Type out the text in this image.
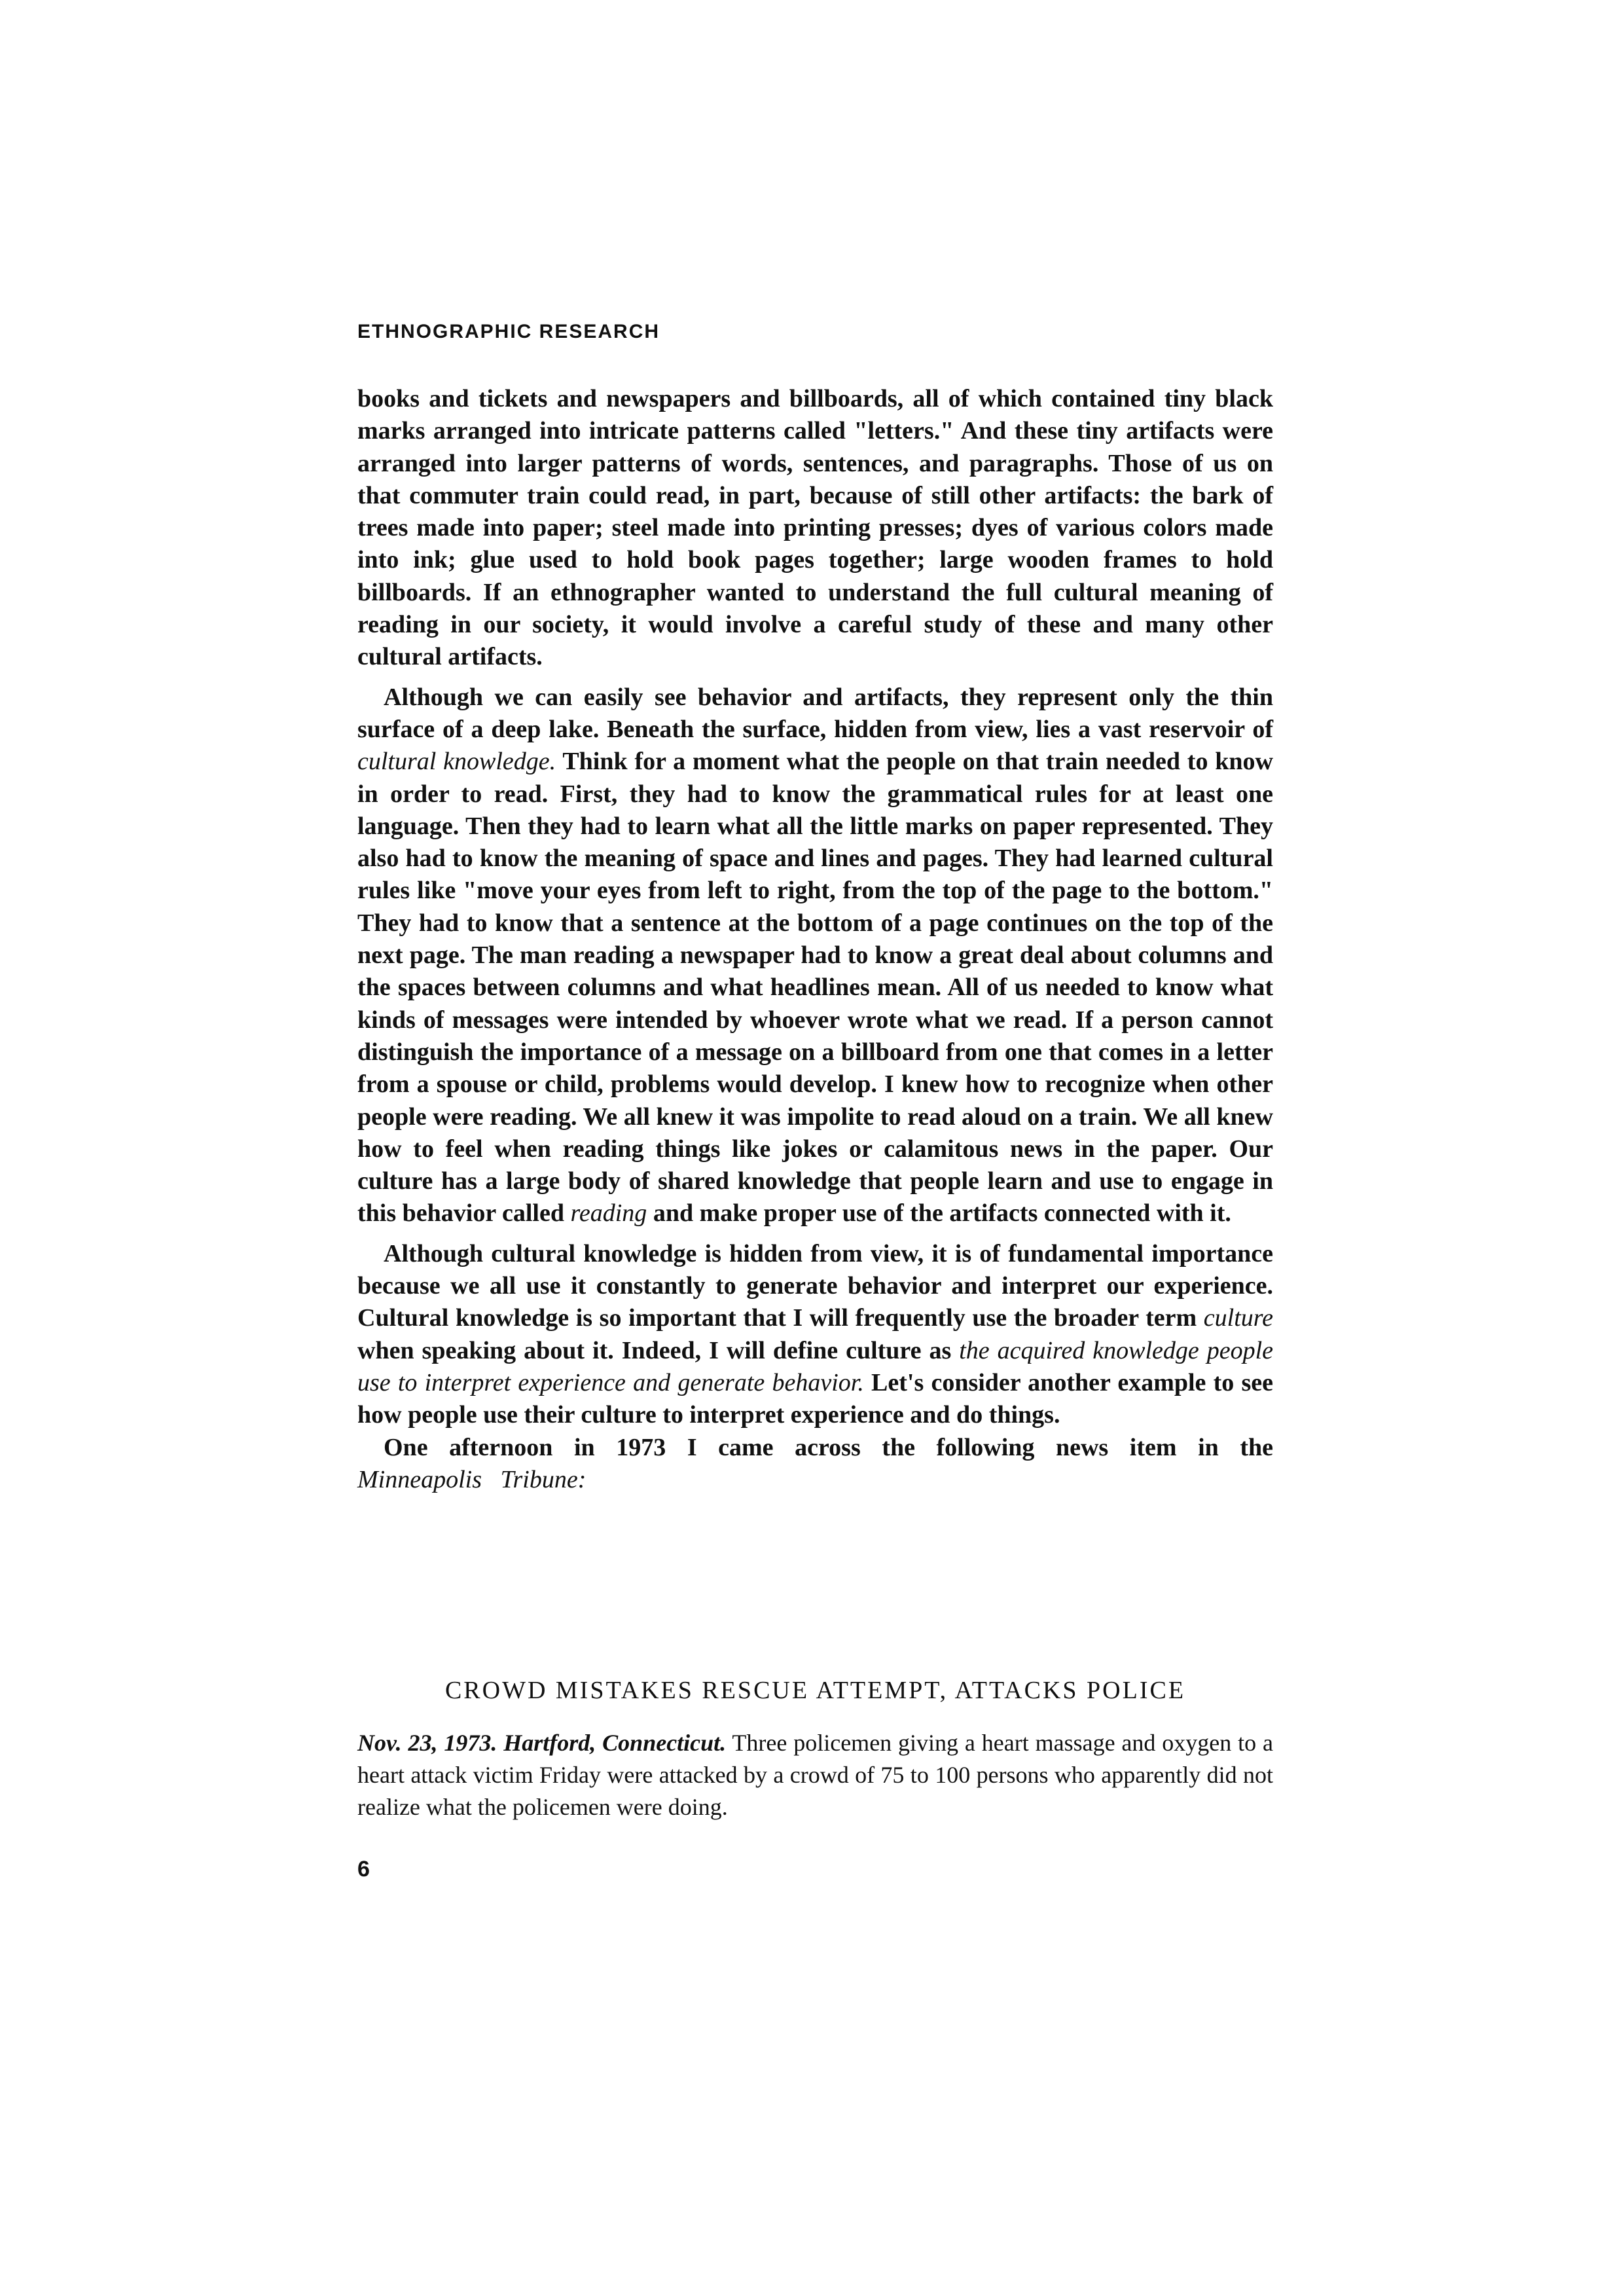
ETHNOGRAPHIC RESEARCH

books and tickets and newspapers and billboards, all of which contained tiny black marks arranged into intricate patterns called "letters." And these tiny artifacts were arranged into larger patterns of words, sentences, and paragraphs. Those of us on that commuter train could read, in part, because of still other artifacts: the bark of trees made into paper; steel made into printing presses; dyes of various colors made into ink; glue used to hold book pages together; large wooden frames to hold billboards. If an ethnographer wanted to understand the full cultural meaning of reading in our society, it would involve a careful study of these and many other cultural artifacts.

Although we can easily see behavior and artifacts, they represent only the thin surface of a deep lake. Beneath the surface, hidden from view, lies a vast reservoir of cultural knowledge. Think for a moment what the people on that train needed to know in order to read. First, they had to know the grammatical rules for at least one language. Then they had to learn what all the little marks on paper represented. They also had to know the meaning of space and lines and pages. They had learned cultural rules like "move your eyes from left to right, from the top of the page to the bottom." They had to know that a sentence at the bottom of a page continues on the top of the next page. The man reading a newspaper had to know a great deal about columns and the spaces between columns and what headlines mean. All of us needed to know what kinds of messages were intended by whoever wrote what we read. If a person cannot distinguish the importance of a message on a billboard from one that comes in a letter from a spouse or child, problems would develop. I knew how to recognize when other people were reading. We all knew it was impolite to read aloud on a train. We all knew how to feel when reading things like jokes or calamitous news in the paper. Our culture has a large body of shared knowledge that people learn and use to engage in this behavior called reading and make proper use of the artifacts connected with it.

Although cultural knowledge is hidden from view, it is of fundamental importance because we all use it constantly to generate behavior and interpret our experience. Cultural knowledge is so important that I will frequently use the broader term culture when speaking about it. Indeed, I will define culture as the acquired knowledge people use to interpret experience and generate behavior. Let's consider another example to see how people use their culture to interpret experience and do things.

One afternoon in 1973 I came across the following news item in the Minneapolis   Tribune:

CROWD MISTAKES RESCUE ATTEMPT, ATTACKS POLICE

Nov. 23, 1973. Hartford, Connecticut. Three policemen giving a heart massage and oxygen to a heart attack victim Friday were attacked by a crowd of 75 to 100 persons who apparently did not realize what the policemen were doing.

6
